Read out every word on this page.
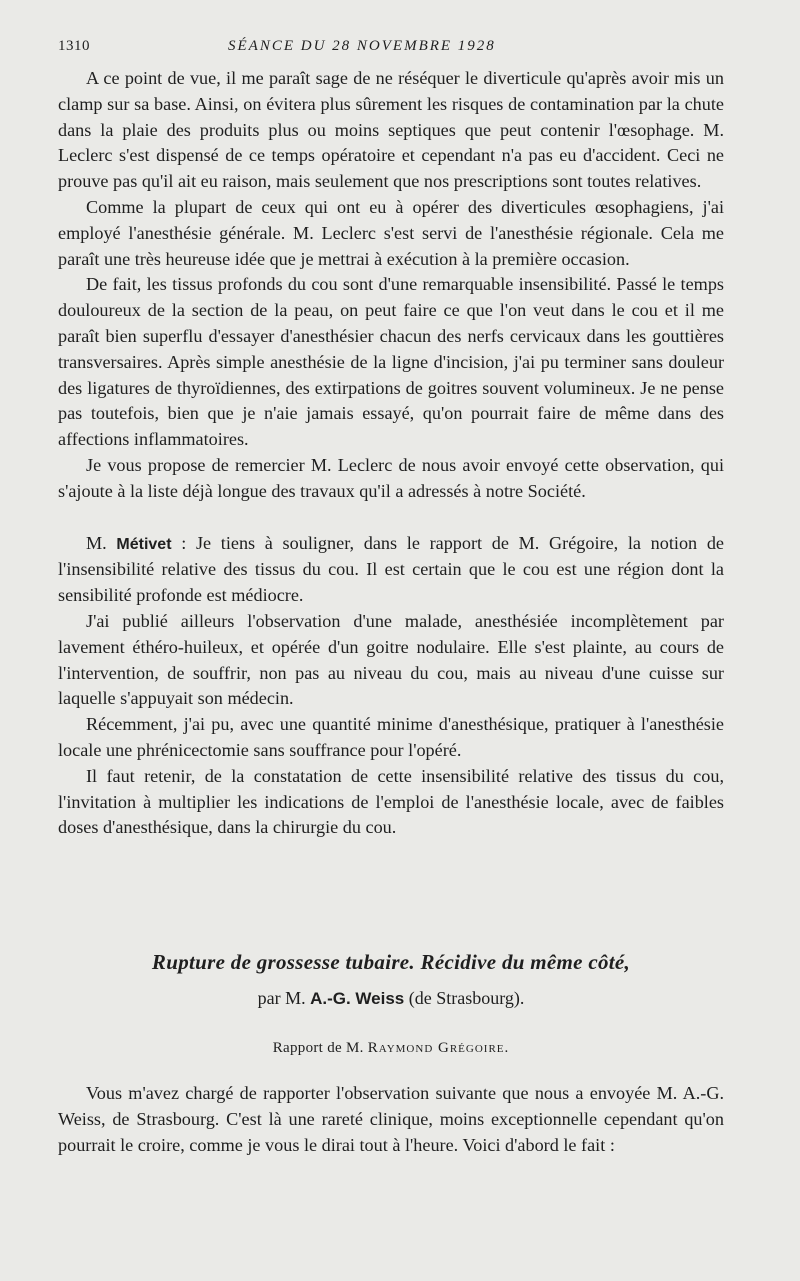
1310	SÉANCE DU 28 NOVEMBRE 1928

A ce point de vue, il me paraît sage de ne réséquer le diverticule qu'après avoir mis un clamp sur sa base. Ainsi, on évitera plus sûrement les risques de contamination par la chute dans la plaie des produits plus ou moins septiques que peut contenir l'œsophage. M. Leclerc s'est dispensé de ce temps opératoire et cependant n'a pas eu d'accident. Ceci ne prouve pas qu'il ait eu raison, mais seulement que nos prescriptions sont toutes relatives.

Comme la plupart de ceux qui ont eu à opérer des diverticules œsophagiens, j'ai employé l'anesthésie générale. M. Leclerc s'est servi de l'anesthésie régionale. Cela me paraît une très heureuse idée que je mettrai à exécution à la première occasion.

De fait, les tissus profonds du cou sont d'une remarquable insensibilité. Passé le temps douloureux de la section de la peau, on peut faire ce que l'on veut dans le cou et il me paraît bien superflu d'essayer d'anesthésier chacun des nerfs cervicaux dans les gouttières transversaires. Après simple anesthésie de la ligne d'incision, j'ai pu terminer sans douleur des ligatures de thyroïdiennes, des extirpations de goitres souvent volumineux. Je ne pense pas toutefois, bien que je n'aie jamais essayé, qu'on pourrait faire de même dans des affections inflammatoires.

Je vous propose de remercier M. Leclerc de nous avoir envoyé cette observation, qui s'ajoute à la liste déjà longue des travaux qu'il a adressés à notre Société.

M. Métivet : Je tiens à souligner, dans le rapport de M. Grégoire, la notion de l'insensibilité relative des tissus du cou. Il est certain que le cou est une région dont la sensibilité profonde est médiocre.

J'ai publié ailleurs l'observation d'une malade, anesthésiée incomplètement par lavement éthéro-huileux, et opérée d'un goitre nodulaire. Elle s'est plainte, au cours de l'intervention, de souffrir, non pas au niveau du cou, mais au niveau d'une cuisse sur laquelle s'appuyait son médecin.

Récemment, j'ai pu, avec une quantité minime d'anesthésique, pratiquer à l'anesthésie locale une phrénicectomie sans souffrance pour l'opéré.

Il faut retenir, de la constatation de cette insensibilité relative des tissus du cou, l'invitation à multiplier les indications de l'emploi de l'anesthésie locale, avec de faibles doses d'anesthésique, dans la chirurgie du cou.

Rupture de grossesse tubaire. Récidive du même côté,
par M. A.-G. Weiss (de Strasbourg).
Rapport de M. Raymond Grégoire.

Vous m'avez chargé de rapporter l'observation suivante que nous a envoyée M. A.-G. Weiss, de Strasbourg. C'est là une rareté clinique, moins exceptionnelle cependant qu'on pourrait le croire, comme je vous le dirai tout à l'heure. Voici d'abord le fait :
